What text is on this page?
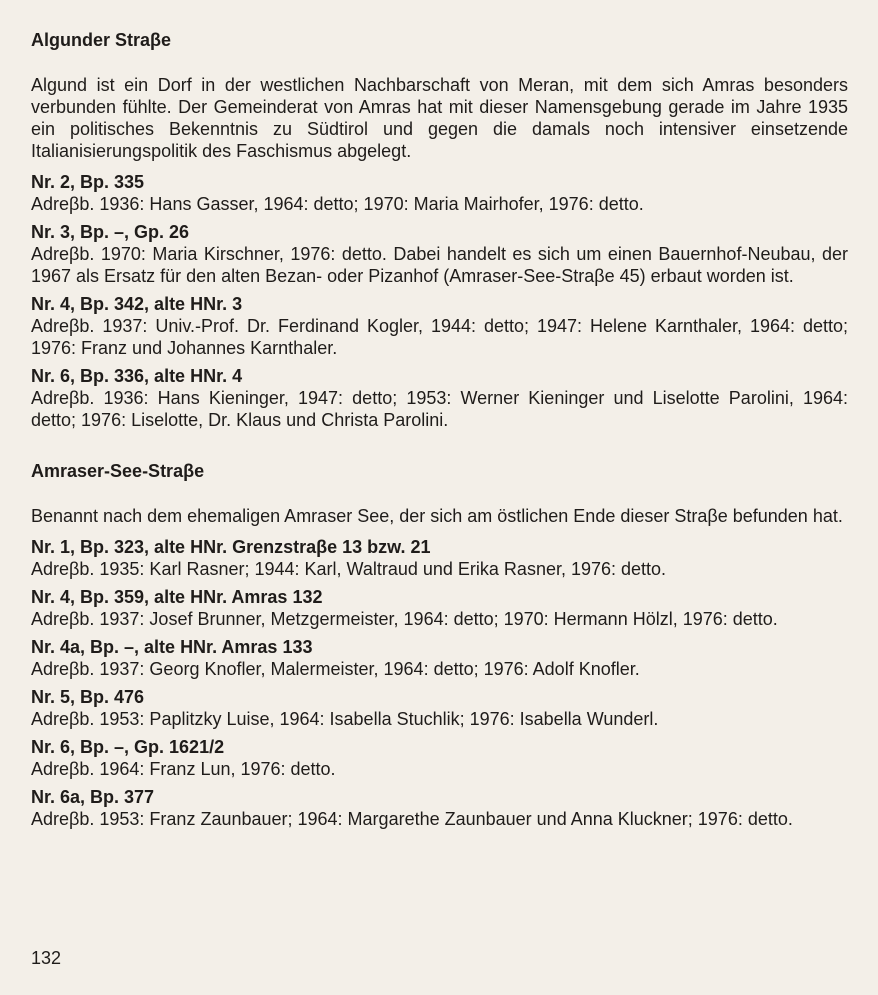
Algunder Straβe

Algund ist ein Dorf in der westlichen Nachbarschaft von Meran, mit dem sich Amras besonders verbunden fühlte. Der Gemeinderat von Amras hat mit dieser Namensgebung gerade im Jahre 1935 ein politisches Bekenntnis zu Südtirol und gegen die damals noch intensiver einsetzende Italianisierungspolitik des Faschismus abgelegt.

Nr. 2, Bp. 335

Adreβb. 1936: Hans Gasser, 1964: detto; 1970: Maria Mairhofer, 1976: detto.

Nr. 3, Bp. –, Gp. 26

Adreβb. 1970: Maria Kirschner, 1976: detto. Dabei handelt es sich um einen Bauernhof-Neubau, der 1967 als Ersatz für den alten Bezan- oder Pizanhof (Amraser-See-Straβe 45) erbaut worden ist.

Nr. 4, Bp. 342, alte HNr. 3

Adreβb. 1937: Univ.-Prof. Dr. Ferdinand Kogler, 1944: detto; 1947: Helene Karnthaler, 1964: detto; 1976: Franz und Johannes Karnthaler.

Nr. 6, Bp. 336, alte HNr. 4

Adreβb. 1936: Hans Kieninger, 1947: detto; 1953: Werner Kieninger und Liselotte Parolini, 1964: detto; 1976: Liselotte, Dr. Klaus und Christa Parolini.

Amraser-See-Straβe

Benannt nach dem ehemaligen Amraser See, der sich am östlichen Ende dieser Straβe befunden hat.

Nr. 1, Bp. 323, alte HNr. Grenzstraβe 13 bzw. 21

Adreβb. 1935: Karl Rasner; 1944: Karl, Waltraud und Erika Rasner, 1976: detto.

Nr. 4, Bp. 359, alte HNr. Amras 132

Adreβb. 1937: Josef Brunner, Metzgermeister, 1964: detto; 1970: Hermann Hölzl, 1976: detto.

Nr. 4a, Bp. –, alte HNr. Amras 133

Adreβb. 1937: Georg Knofler, Malermeister, 1964: detto; 1976: Adolf Knofler.

Nr. 5, Bp. 476

Adreβb. 1953: Paplitzky Luise, 1964: Isabella Stuchlik; 1976: Isabella Wunderl.

Nr. 6, Bp. –, Gp. 1621/2

Adreβb. 1964: Franz Lun, 1976: detto.

Nr. 6a, Bp. 377

Adreβb. 1953: Franz Zaunbauer; 1964: Margarethe Zaunbauer und Anna Kluckner; 1976: detto.

132
